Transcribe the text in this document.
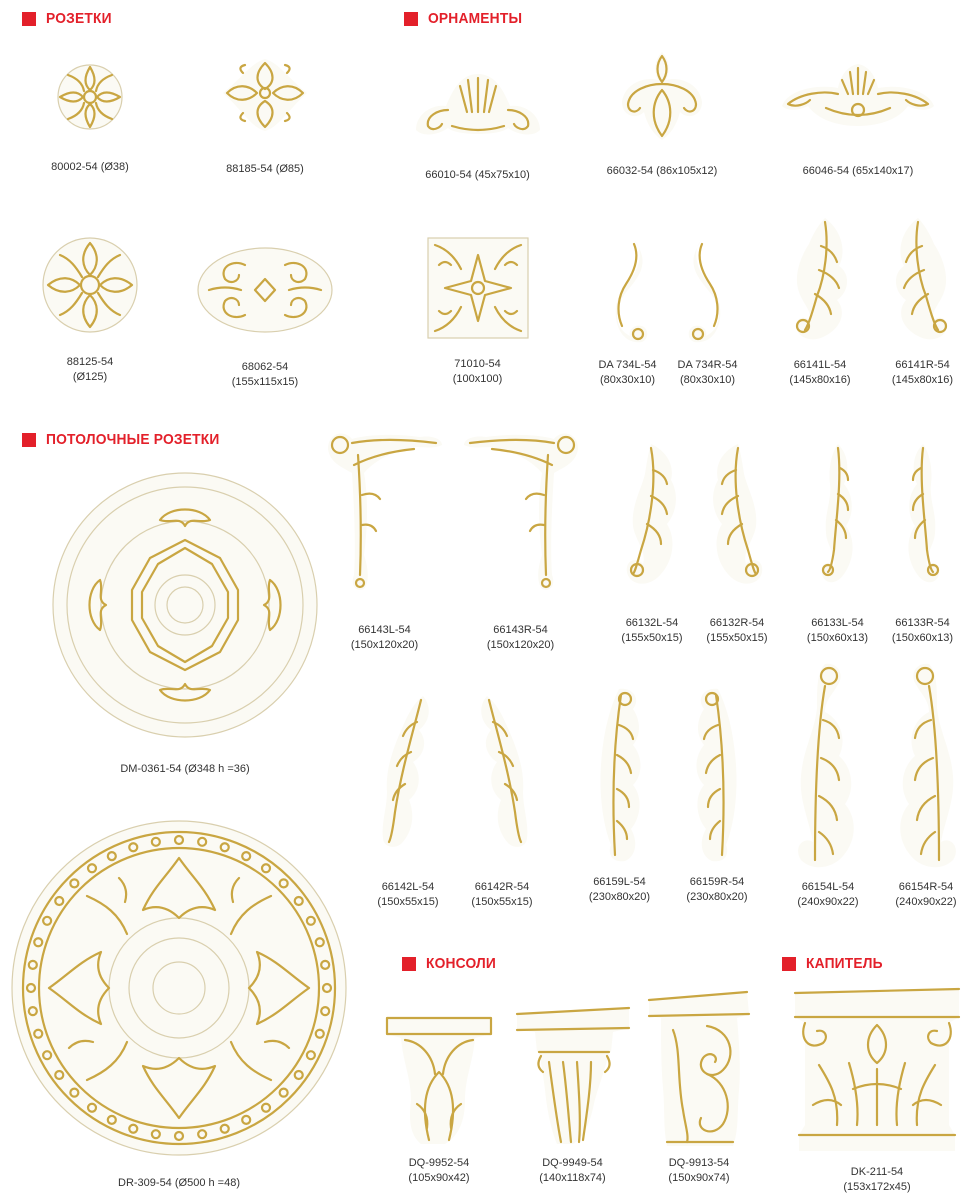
РОЗЕТКИ	ОРНАМЕНТЫ
ПОТОЛОЧНЫЕ РОЗЕТКИ
КОНСОЛИ	КАПИТЕЛЬ
80002-54 (Ø38)	88185-54 (Ø85)	66010-54 (45x75x10)	66032-54 (86x105x12)	66046-54 (65x140x17)
88125-54
(Ø125)
68062-54
(155x115x15)
71010-54
(100x100)
DA 734L-54
(80x30x10)
DA 734R-54
(80x30x10)
66141L-54
(145x80x16)
66141R-54
(145x80x16)
DM-0361-54 (Ø348 h =36)
66143L-54
(150x120x20)
66143R-54
(150x120x20)
66132L-54
(155x50x15)
66132R-54
(155x50x15)
66133L-54
(150x60x13)
66133R-54
(150x60x13)
66142L-54
(150x55x15)
66142R-54
(150x55x15)
66159L-54
(230x80x20)
66159R-54
(230x80x20)
66154L-54
(240x90x22)
66154R-54
(240x90x22)
DR-309-54 (Ø500 h =48)
DQ-9952-54
(105x90x42)
DQ-9949-54
(140x118x74)
DQ-9913-54
(150x90x74)	DK-211-54
(153x172x45)
